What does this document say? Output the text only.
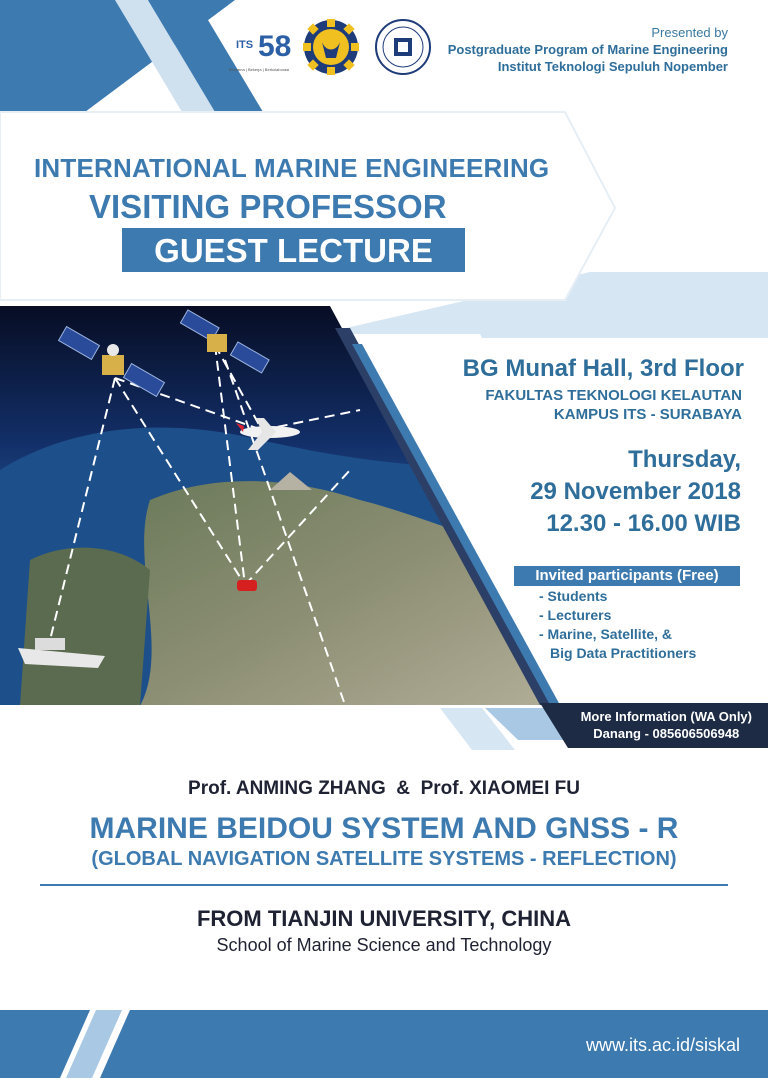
58
ITS
Bersama | Bekerja | Berkolaborasi
Presented by
Postgraduate Program of Marine Engineering
Institut Teknologi Sepuluh Nopember
INTERNATIONAL MARINE ENGINEERING
VISITING PROFESSOR
GUEST LECTURE
BG Munaf Hall, 3rd Floor
FAKULTAS TEKNOLOGI KELAUTAN
KAMPUS ITS - SURABAYA
Thursday,
29 November 2018
12.30 - 16.00 WIB
Invited participants (Free)
- Students
- Lecturers
- Marine, Satellite, &
Big Data Practitioners
More Information (WA Only)
Danang - 085606506948
Prof. ANMING ZHANG  &  Prof. XIAOMEI FU
MARINE BEIDOU SYSTEM AND GNSS - R
(GLOBAL NAVIGATION SATELLITE SYSTEMS - REFLECTION)
FROM TIANJIN UNIVERSITY, CHINA
School of Marine Science and Technology
www.its.ac.id/siskal
